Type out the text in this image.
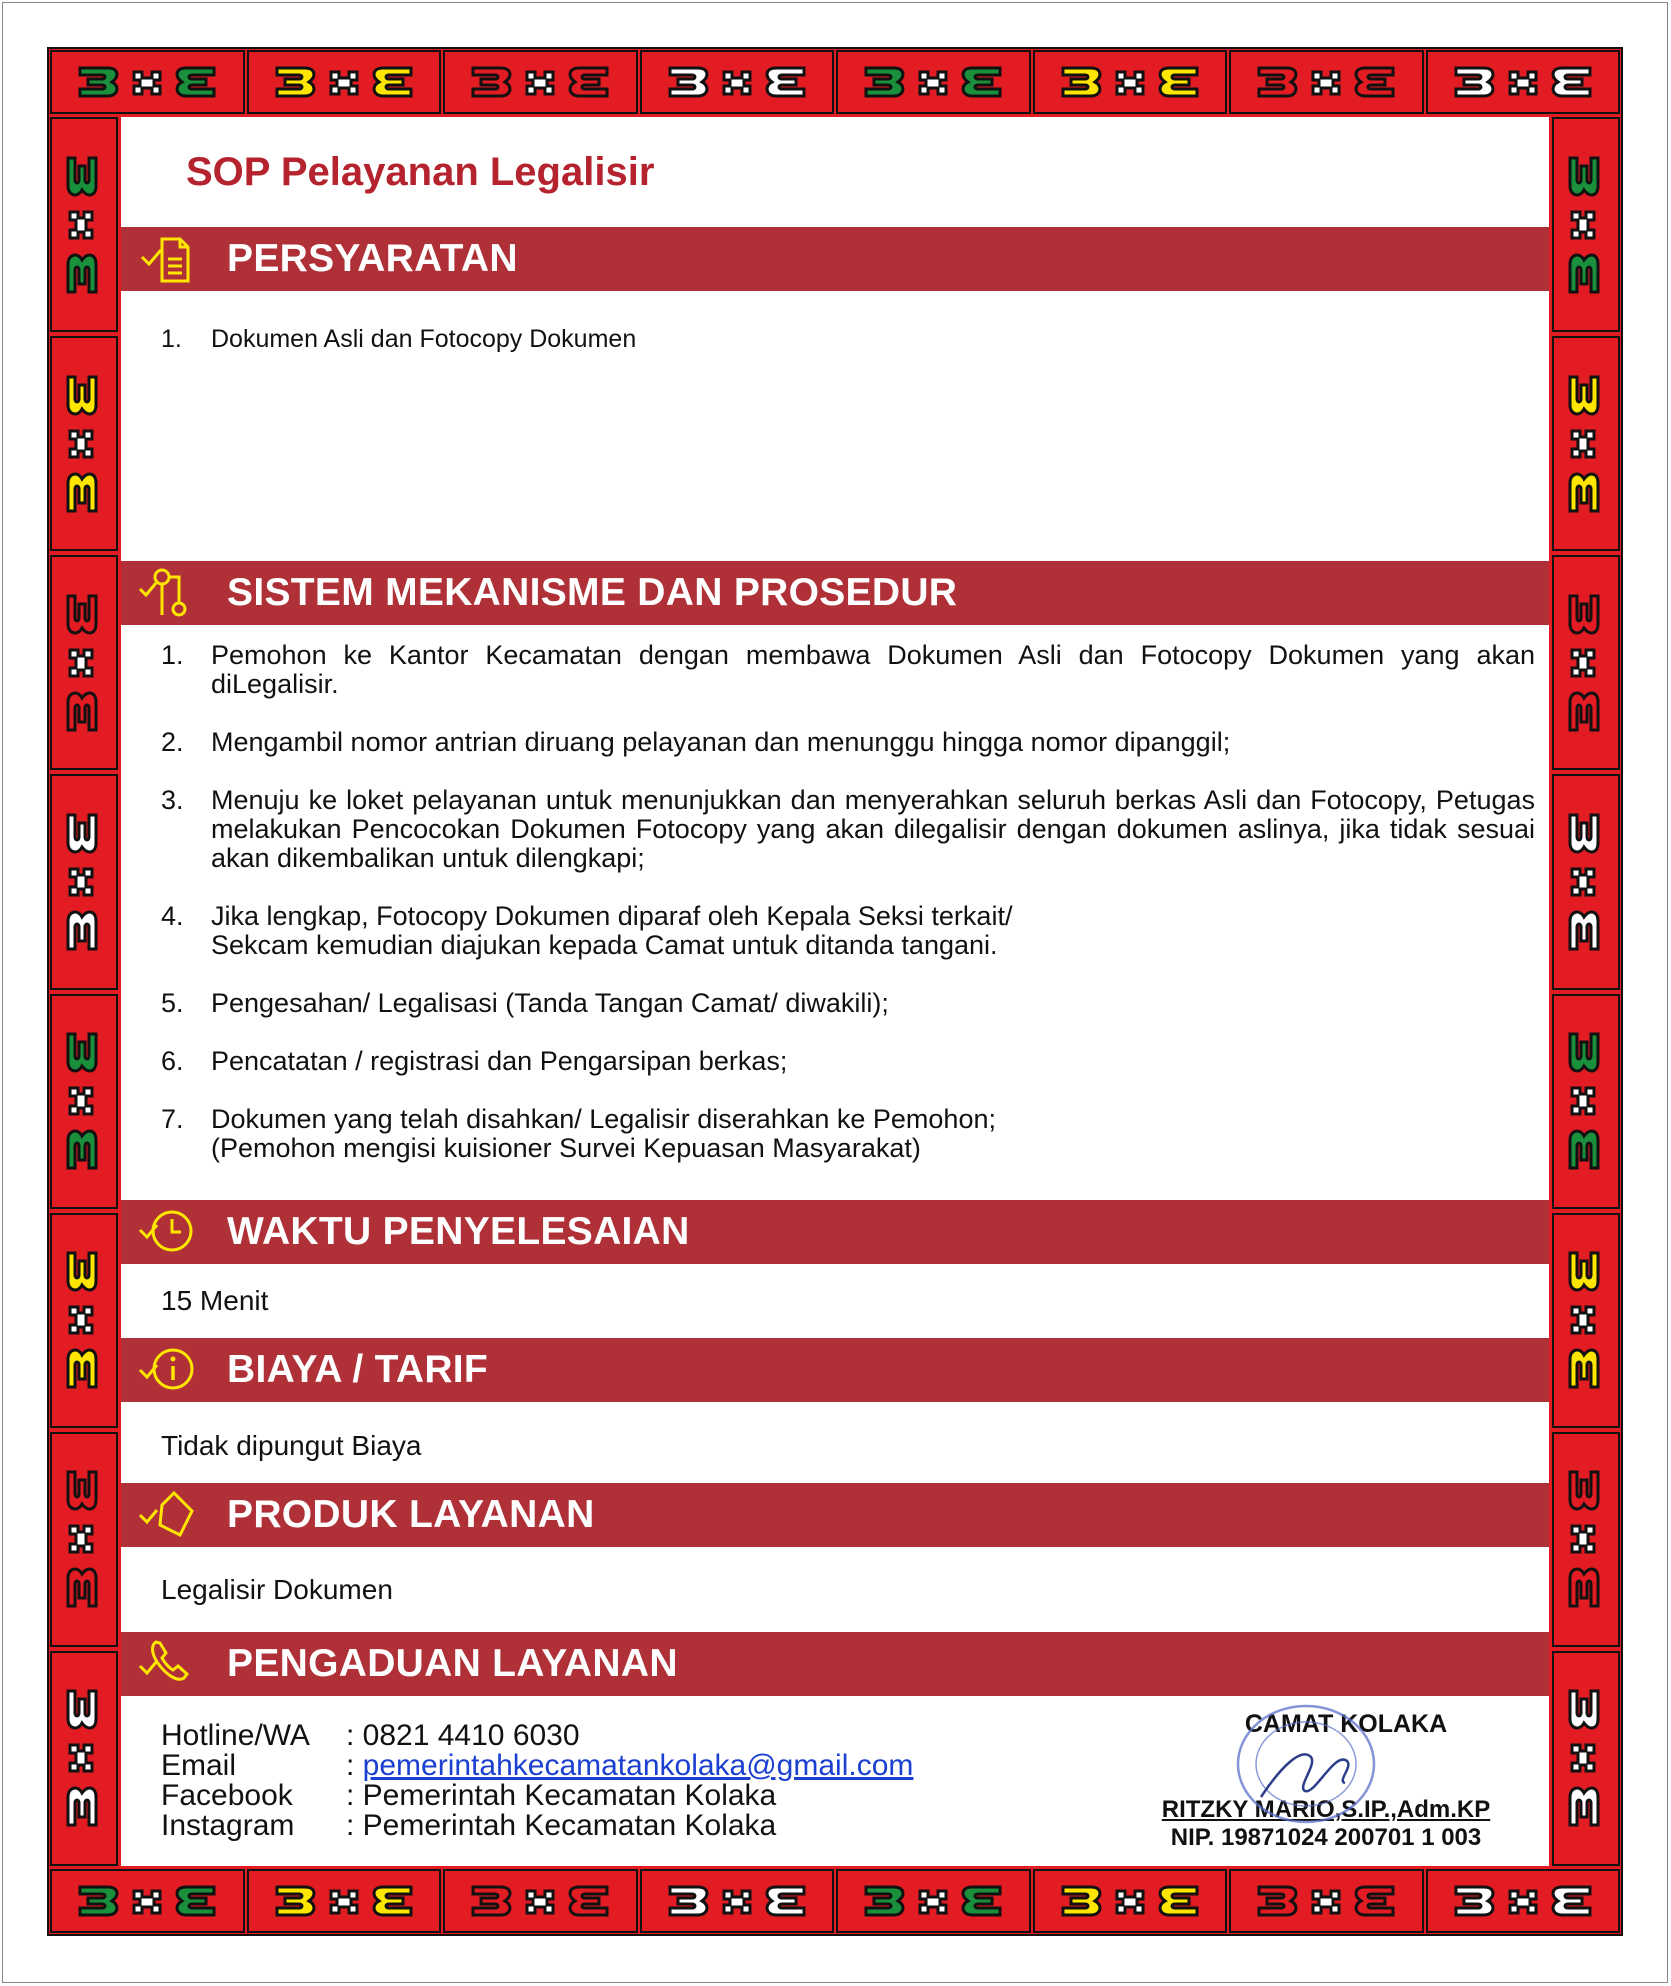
SOP Pelayanan Legalisir
PERSYARATAN
1.	Dokumen Asli dan Fotocopy Dokumen
SISTEM MEKANISME DAN PROSEDUR
1.	Pemohon ke Kantor Kecamatan dengan membawa Dokumen Asli dan Fotocopy Dokumen yang akan diLegalisir.
2.	Mengambil nomor antrian diruang pelayanan dan menunggu hingga nomor dipanggil;
3.	Menuju ke loket pelayanan untuk menunjukkan dan menyerahkan seluruh berkas Asli dan Fotocopy, Petugas melakukan Pencocokan Dokumen Fotocopy yang akan dilegalisir dengan dokumen aslinya, jika tidak sesuai akan dikembalikan untuk dilengkapi;
4.	Jika lengkap, Fotocopy Dokumen diparaf oleh Kepala Seksi terkait/
Sekcam kemudian diajukan kepada Camat untuk ditanda tangani.
5.	Pengesahan/ Legalisasi (Tanda Tangan Camat/ diwakili);
6.	Pencatatan / registrasi dan Pengarsipan berkas;
7.	Dokumen yang telah disahkan/ Legalisir diserahkan ke Pemohon;
(Pemohon mengisi kuisioner Survei Kepuasan Masyarakat)
WAKTU PENYELESAIAN
15 Menit
BIAYA / TARIF
Tidak dipungut Biaya
PRODUK LAYANAN
Legalisir Dokumen
PENGADUAN LAYANAN
Hotline/WA	: 0821 4410 6030
Email	: pemerintahkecamatankolaka@gmail.com
Facebook	: Pemerintah Kecamatan Kolaka
Instagram	: Pemerintah Kecamatan Kolaka
CAMAT KOLAKA
RITZKY MARIO,S.IP.,Adm.KP
NIP. 19871024 200701 1 003
